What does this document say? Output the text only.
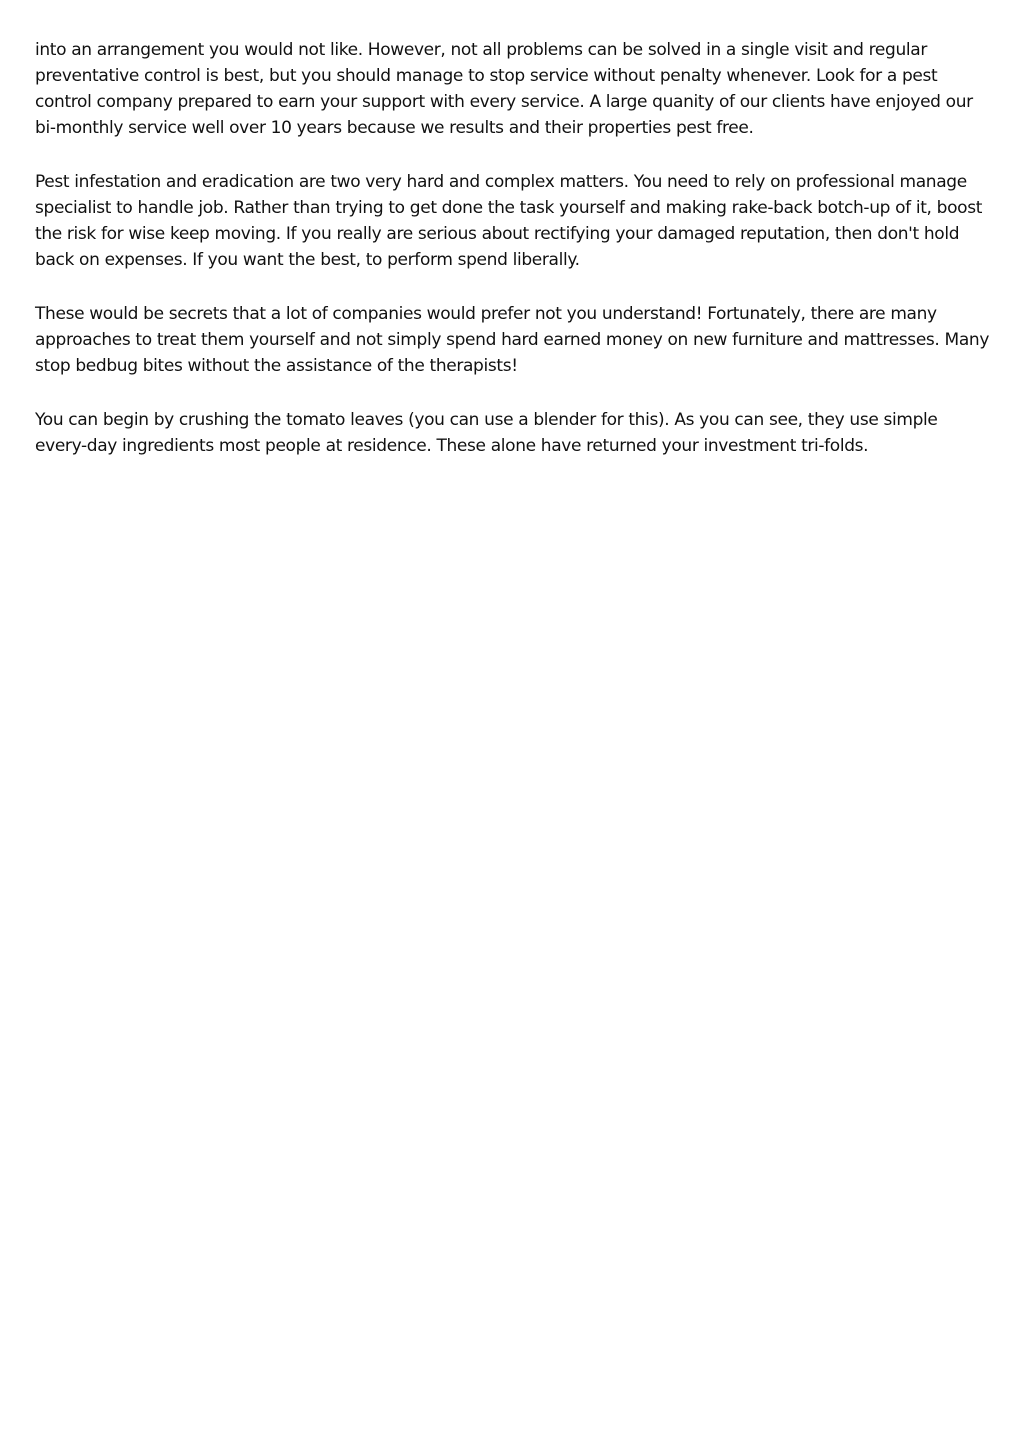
into an arrangement you would not like. However, not all problems can be solved in a single visit and regular preventative control is best, but you should manage to stop service without penalty whenever. Look for a pest control company prepared to earn your support with every service. A large quanity of our clients have enjoyed our bi-monthly service well over 10 years because we results and their properties pest free.

Pest infestation and eradication are two very hard and complex matters. You need to rely on professional manage specialist to handle job. Rather than trying to get done the task yourself and making rake-back botch-up of it, boost the risk for wise keep moving. If you really are serious about rectifying your damaged reputation, then don't hold back on expenses. If you want the best, to perform spend liberally.

These would be secrets that a lot of companies would prefer not you understand! Fortunately, there are many approaches to treat them yourself and not simply spend hard earned money on new furniture and mattresses. Many stop bedbug bites without the assistance of the therapists!

You can begin by crushing the tomato leaves (you can use a blender for this). As you can see, they use simple every-day ingredients most people at residence. These alone have returned your investment tri-folds.
